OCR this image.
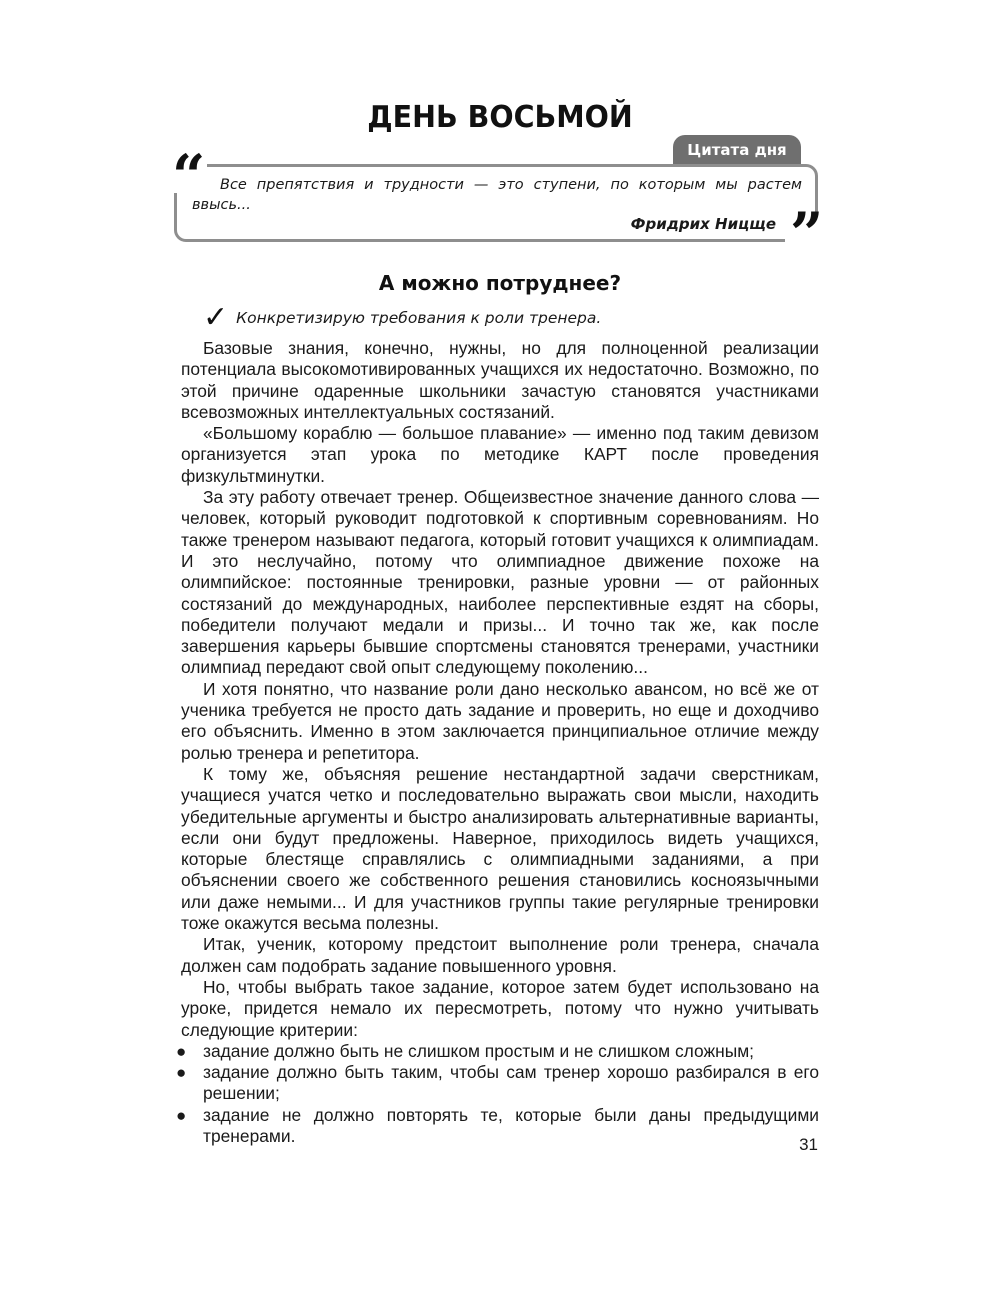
ДЕНЬ ВОСЬМОЙ
Цитата дня
“
”
Все препятствия и трудности — это ступени, по которым мы растем ввысь...
Фридрих Ницще
А можно потруднее?
✓ Конкретизирую требования к роли тренера.

Базовые знания, конечно, нужны, но для полноценной реализации потенциала высокомотивированных учащихся их недостаточно. Возможно, по этой причине одаренные школьники зачастую становятся участниками всевозможных интеллектуальных состязаний.

«Большому кораблю — большое плавание» — именно под таким девизом организуется этап урока по методике КАРТ после проведения физкультминутки.

За эту работу отвечает тренер. Общеизвестное значение данного слова — человек, который руководит подготовкой к спортивным соревнованиям. Но также тренером называют педагога, который готовит учащихся к олимпиадам. И это неслучайно, потому что олимпиадное движение похоже на олимпийское: постоянные тренировки, разные уровни — от районных состязаний до международных, наиболее перспективные ездят на сборы, победители получают медали и призы... И точно так же, как после завершения карьеры бывшие спортсмены становятся тренерами, участники олимпиад передают свой опыт следующему поколению...

И хотя понятно, что название роли дано несколько авансом, но всё же от ученика требуется не просто дать задание и проверить, но еще и доходчиво его объяснить. Именно в этом заключается принципиальное отличие между ролью тренера и репетитора.

К тому же, объясняя решение нестандартной задачи сверстникам, учащиеся учатся четко и последовательно выражать свои мысли, находить убедительные аргументы и быстро анализировать альтернативные варианты, если они будут предложены. Наверное, приходилось видеть учащихся, которые блестяще справлялись с олимпиадными заданиями, а при объяснении своего же собственного решения становились косноязычными или даже немыми... И для участников группы такие регулярные тренировки тоже окажутся весьма полезны.

Итак, ученик, которому предстоит выполнение роли тренера, сначала должен сам подобрать задание повышенного уровня.

Но, чтобы выбрать такое задание, которое затем будет использовано на уроке, придется немало их пересмотреть, потому что нужно учитывать следующие критерии:

● задание должно быть не слишком простым и не слишком сложным;
● задание должно быть таким, чтобы сам тренер хорошо разбирался в его решении;
● задание не должно повторять те, которые были даны предыдущими тренерами.	31
